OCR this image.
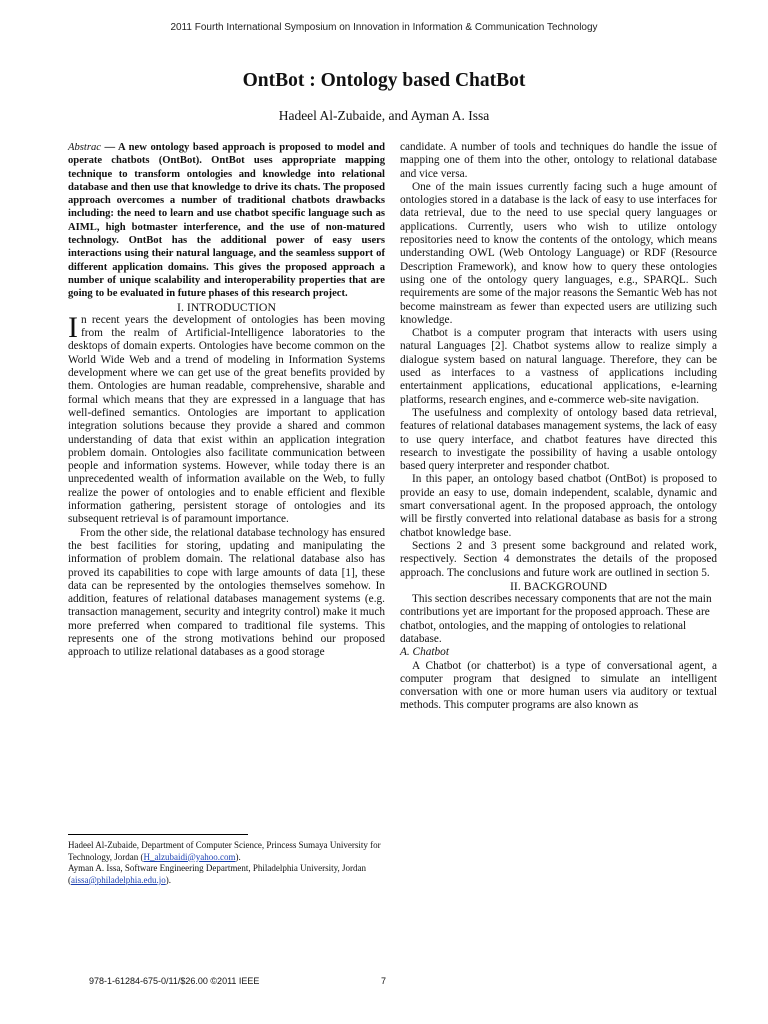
2011 Fourth International Symposium on Innovation in Information & Communication Technology
OntBot : Ontology based ChatBot
Hadeel Al-Zubaide, and Ayman A. Issa

Abstrac — A new ontology based approach is proposed to model and operate chatbots (OntBot). OntBot uses appropriate mapping technique to transform ontologies and knowledge into relational database and then use that knowledge to drive its chats. The proposed approach overcomes a number of traditional chatbots drawbacks including: the need to learn and use chatbot specific language such as AIML, high botmaster interference, and the use of non-matured technology. OntBot has the additional power of easy users interactions using their natural language, and the seamless support of different application domains. This gives the proposed approach a number of unique scalability and interoperability properties that are going to be evaluated in future phases of this research project.

I. INTRODUCTION

In recent years the development of ontologies has been moving from the realm of Artificial-Intelligence laboratories to the desktops of domain experts. Ontologies have become common on the World Wide Web and a trend of modeling in Information Systems development where we can get use of the great benefits provided by them. Ontologies are human readable, comprehensive, sharable and formal which means that they are expressed in a language that has well-defined semantics. Ontologies are important to application integration solutions because they provide a shared and common understanding of data that exist within an application integration problem domain. Ontologies also facilitate communication between people and information systems. However, while today there is an unprecedented wealth of information available on the Web, to fully realize the power of ontologies and to enable efficient and flexible information gathering, persistent storage of ontologies and its subsequent retrieval is of paramount importance.

From the other side, the relational database technology has ensured the best facilities for storing, updating and manipulating the information of problem domain. The relational database also has proved its capabilities to cope with large amounts of data [1], these data can be represented by the ontologies themselves somehow. In addition, features of relational databases management systems (e.g. transaction management, security and integrity control) make it much more preferred when compared to traditional file systems. This represents one of the strong motivations behind our proposed approach to utilize relational databases as a good storage

candidate. A number of tools and techniques do handle the issue of mapping one of them into the other, ontology to relational database and vice versa.

One of the main issues currently facing such a huge amount of ontologies stored in a database is the lack of easy to use interfaces for data retrieval, due to the need to use special query languages or applications. Currently, users who wish to utilize ontology repositories need to know the contents of the ontology, which means understanding OWL (Web Ontology Language) or RDF (Resource Description Framework), and know how to query these ontologies using one of the ontology query languages, e.g., SPARQL. Such requirements are some of the major reasons the Semantic Web has not become mainstream as fewer than expected users are utilizing such knowledge.

Chatbot is a computer program that interacts with users using natural Languages [2]. Chatbot systems allow to realize simply a dialogue system based on natural language. Therefore, they can be used as interfaces to a vastness of applications including entertainment applications, educational applications, e-learning platforms, research engines, and e-commerce web-site navigation.

The usefulness and complexity of ontology based data retrieval, features of relational databases management systems, the lack of easy to use query interface, and chatbot features have directed this research to investigate the possibility of having a usable ontology based query interpreter and responder chatbot.

In this paper, an ontology based chatbot (OntBot) is proposed to provide an easy to use, domain independent, scalable, dynamic and smart conversational agent. In the proposed approach, the ontology will be firstly converted into relational database as basis for a strong chatbot knowledge base.

Sections 2 and 3 present some background and related work, respectively. Section 4 demonstrates the details of the proposed approach. The conclusions and future work are outlined in section 5.

II. BACKGROUND

This section describes necessary components that are not the main contributions yet are important for the proposed approach. These are chatbot, ontologies, and the mapping of ontologies to relational database.

A. Chatbot

A Chatbot (or chatterbot) is a type of conversational agent, a computer program that designed to simulate an intelligent conversation with one or more human users via auditory or textual methods. This computer programs are also known as

Hadeel Al-Zubaide, Department of Computer Science, Princess Sumaya University for Technology, Jordan (H_alzubaidi@yahoo.com).

Ayman A. Issa, Software Engineering Department, Philadelphia University, Jordan (aissa@philadelphia.edu.jo).

978-1-61284-675-0/11/$26.00 ©2011 IEEE	7
